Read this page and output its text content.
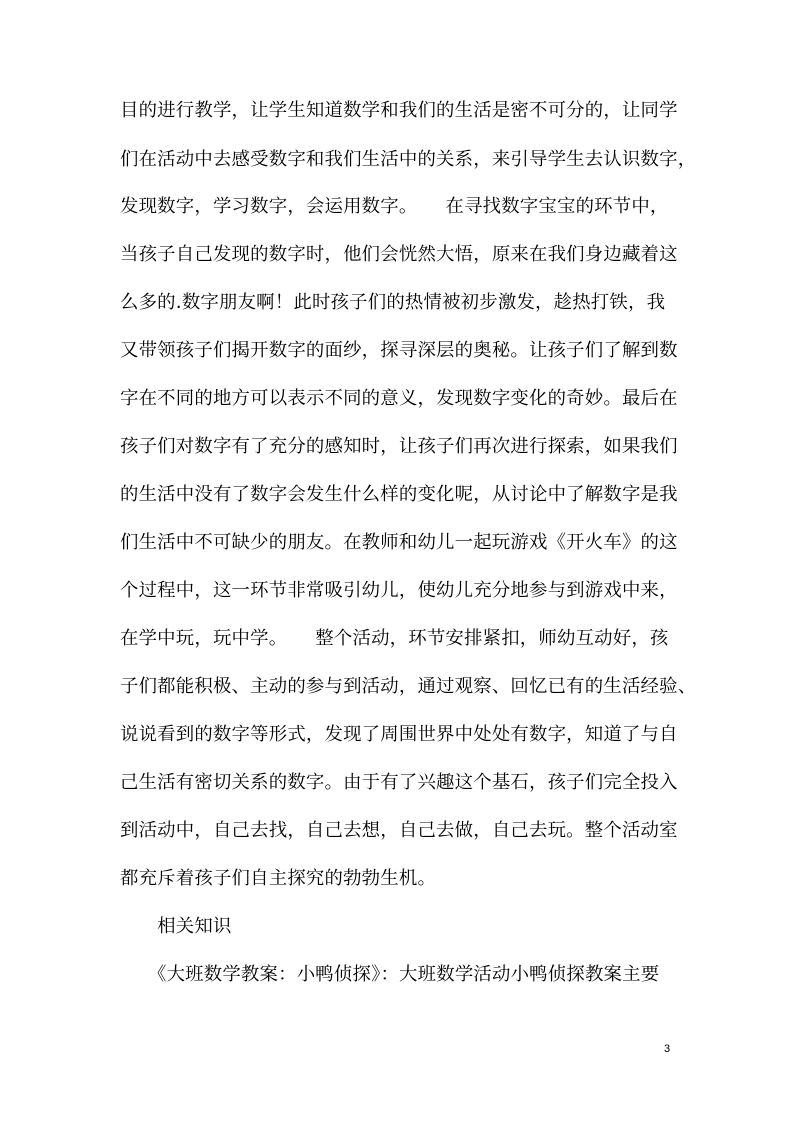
目的进行教学，让学生知道数学和我们的生活是密不可分的，让同学
们在活动中去感受数字和我们生活中的关系，来引导学生去认识数字，
发现数字，学习数字，会运用数字。　　在寻找数字宝宝的环节中，
当孩子自己发现的数字时，他们会恍然大悟，原来在我们身边藏着这
么多的.数字朋友啊！此时孩子们的热情被初步激发，趁热打铁，我
又带领孩子们揭开数字的面纱，探寻深层的奥秘。让孩子们了解到数
字在不同的地方可以表示不同的意义，发现数字变化的奇妙。最后在
孩子们对数字有了充分的感知时，让孩子们再次进行探索，如果我们
的生活中没有了数字会发生什么样的变化呢，从讨论中了解数字是我
们生活中不可缺少的朋友。在教师和幼儿一起玩游戏《开火车》的这
个过程中，这一环节非常吸引幼儿，使幼儿充分地参与到游戏中来，
在学中玩，玩中学。　　整个活动，环节安排紧扣，师幼互动好，孩
子们都能积极、主动的参与到活动，通过观察、回忆已有的生活经验、
说说看到的数字等形式，发现了周围世界中处处有数字，知道了与自
己生活有密切关系的数字。由于有了兴趣这个基石，孩子们完全投入
到活动中，自己去找，自己去想，自己去做，自己去玩。整个活动室
都充斥着孩子们自主探究的勃勃生机。
　　相关知识
　　《大班数学教案：小鸭侦探》：大班数学活动小鸭侦探教案主要
3
